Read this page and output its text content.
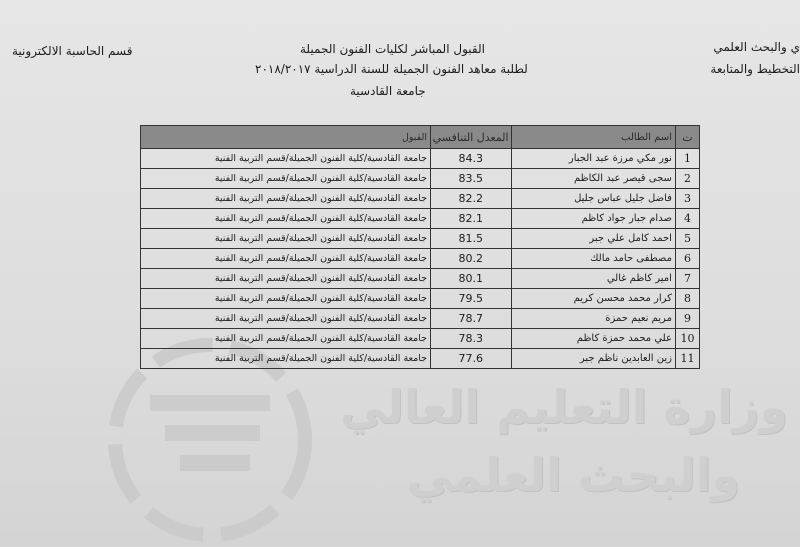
ي والبحث العلمي
التخطيط والمتابعة
قسم الحاسبة الالكترونية	القبول المباشر لكليات الفنون الجميلة
لطلبة معاهد الفنون الجميلة للسنة الدراسية ٢٠١٨/٢٠١٧
جامعة القادسية
وزارة التعليم العالي
والبحث العلمي
ت	اسم الطالب	المعدل التنافسي	القبول
1	نور مكي مرزة عبد الجبار	84.3	جامعة القادسية/كلية الفنون الجميلة/قسم التربية الفنية
2	سجى قيصر عبد الكاظم	83.5	جامعة القادسية/كلية الفنون الجميلة/قسم التربية الفنية
3	فاضل جليل عباس جليل	82.2	جامعة القادسية/كلية الفنون الجميلة/قسم التربية الفنية
4	صدام جبار جواد كاظم	82.1	جامعة القادسية/كلية الفنون الجميلة/قسم التربية الفنية
5	احمد كامل علي جبر	81.5	جامعة القادسية/كلية الفنون الجميلة/قسم التربية الفنية
6	مصطفى حامد مالك	80.2	جامعة القادسية/كلية الفنون الجميلة/قسم التربية الفنية
7	امير كاظم غالي	80.1	جامعة القادسية/كلية الفنون الجميلة/قسم التربية الفنية
8	كرار محمد محسن كريم	79.5	جامعة القادسية/كلية الفنون الجميلة/قسم التربية الفنية
9	مريم نعيم حمزة	78.7	جامعة القادسية/كلية الفنون الجميلة/قسم التربية الفنية
10	علي محمد حمزة كاظم	78.3	جامعة القادسية/كلية الفنون الجميلة/قسم التربية الفنية
11	زين العابدين ناظم جبر	77.6	جامعة القادسية/كلية الفنون الجميلة/قسم التربية الفنية
